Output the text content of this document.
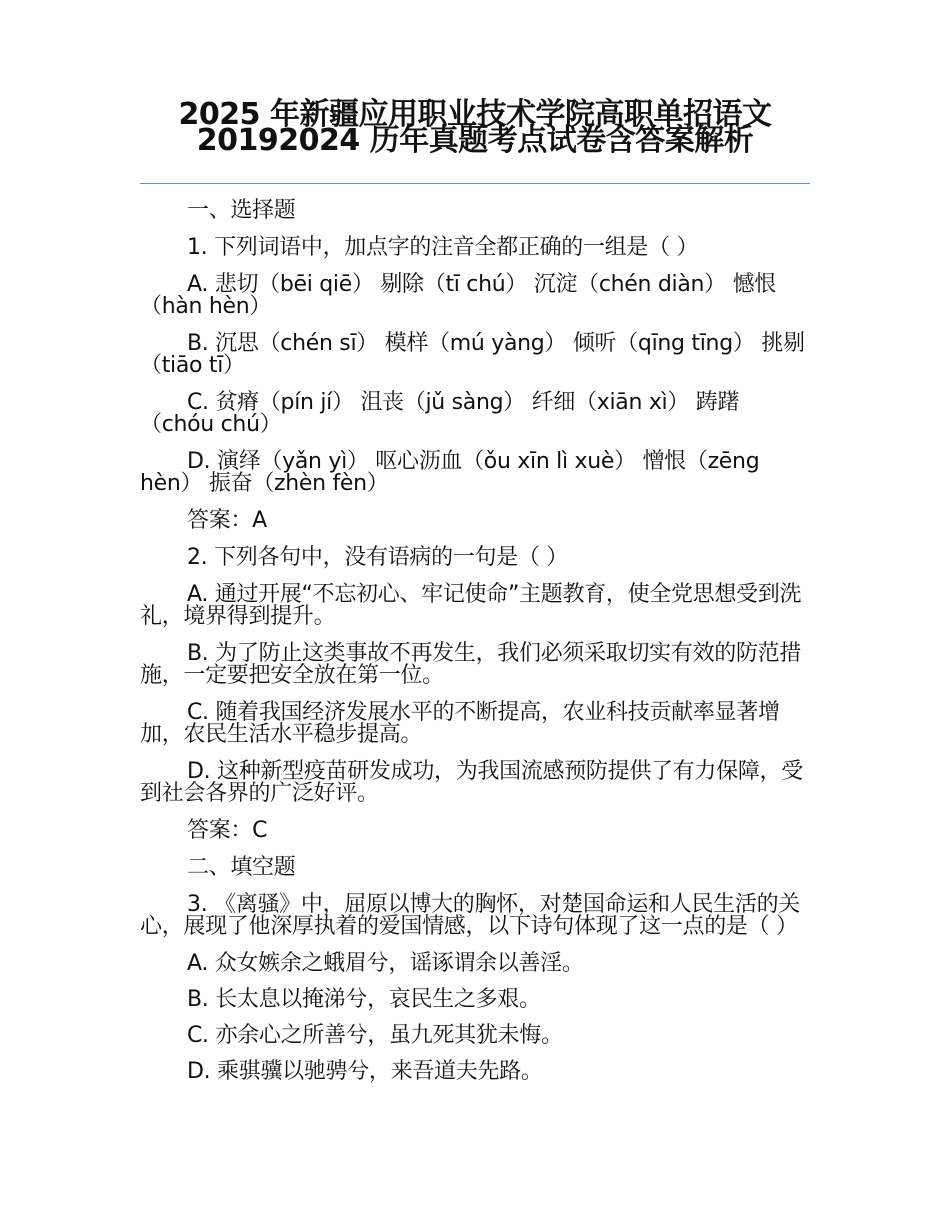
2025 年新疆应用职业技术学院高职单招语文 20192024 历年真题考点试卷含答案解析

一、选择题

1. 下列词语中，加点字的注音全都正确的一组是（ ）

A. 悲切（bēi qiē） 剔除（tī chú） 沉淀（chén diàn） 憾恨（hàn hèn）

B. 沉思（chén sī） 模样（mú yàng） 倾听（qīng tīng） 挑剔（tiāo tī）

C. 贫瘠（pín jí） 沮丧（jǔ sàng） 纤细（xiān xì） 踌躇（chóu chú）

D. 演绎（yǎn yì） 呕心沥血（ǒu xīn lì xuè） 憎恨（zēng hèn） 振奋（zhèn fèn）

答案：A

2. 下列各句中，没有语病的一句是（ ）

A. 通过开展“不忘初心、牢记使命”主题教育，使全党思想受到洗礼，境界得到提升。

B. 为了防止这类事故不再发生，我们必须采取切实有效的防范措施，一定要把安全放在第一位。

C. 随着我国经济发展水平的不断提高，农业科技贡献率显著增加，农民生活水平稳步提高。

D. 这种新型疫苗研发成功，为我国流感预防提供了有力保障，受到社会各界的广泛好评。

答案：C

二、填空题

3. 《离骚》中，屈原以博大的胸怀，对楚国命运和人民生活的关心，展现了他深厚执着的爱国情感，以下诗句体现了这一点的是（ ）

A. 众女嫉余之蛾眉兮，谣诼谓余以善淫。

B. 长太息以掩涕兮，哀民生之多艰。

C. 亦余心之所善兮，虽九死其犹未悔。

D. 乘骐骥以驰骋兮，来吾道夫先路。
